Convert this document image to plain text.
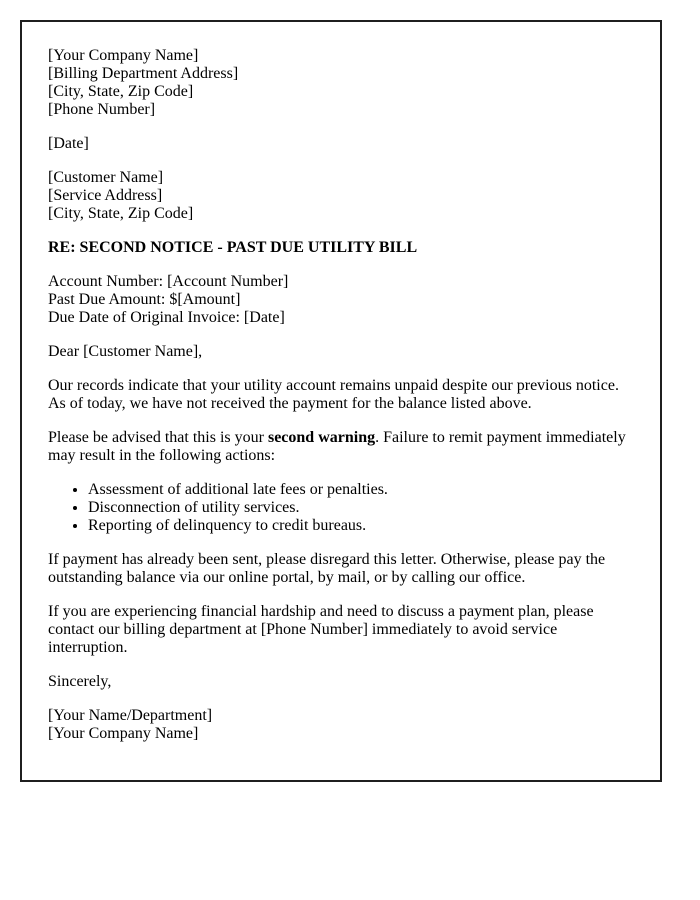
[Your Company Name]
[Billing Department Address]
[City, State, Zip Code]
[Phone Number]
[Date]
[Customer Name]
[Service Address]
[City, State, Zip Code]
RE: SECOND NOTICE - PAST DUE UTILITY BILL
Account Number: [Account Number]
Past Due Amount: $[Amount]
Due Date of Original Invoice: [Date]
Dear [Customer Name],
Our records indicate that your utility account remains unpaid despite our previous notice. As of today, we have not received the payment for the balance listed above.
Please be advised that this is your second warning. Failure to remit payment immediately may result in the following actions:
• Assessment of additional late fees or penalties.
• Disconnection of utility services.
• Reporting of delinquency to credit bureaus.
If payment has already been sent, please disregard this letter. Otherwise, please pay the outstanding balance via our online portal, by mail, or by calling our office.
If you are experiencing financial hardship and need to discuss a payment plan, please contact our billing department at [Phone Number] immediately to avoid service interruption.
Sincerely,
[Your Name/Department]
[Your Company Name]
